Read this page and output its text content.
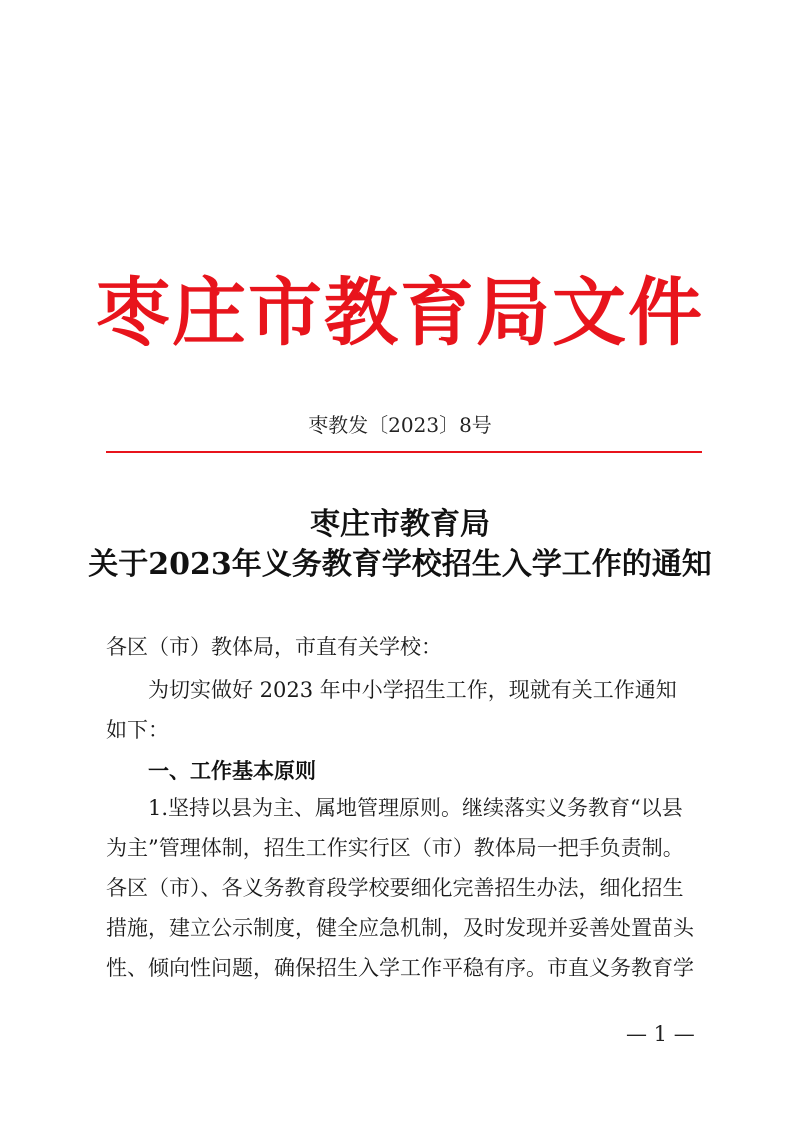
枣庄市教育局文件
枣教发〔2023〕8号
枣庄市教育局
关于2023年义务教育学校招生入学工作的通知
各区（市）教体局，市直有关学校：
为切实做好 2023 年中小学招生工作，现就有关工作通知
如下：
一、工作基本原则
1.坚持以县为主、属地管理原则。继续落实义务教育“以县
为主”管理体制，招生工作实行区（市）教体局一把手负责制。
各区（市）、各义务教育段学校要细化完善招生办法，细化招生
措施，建立公示制度，健全应急机制，及时发现并妥善处置苗头
性、倾向性问题，确保招生入学工作平稳有序。市直义务教育学
— 1 —
